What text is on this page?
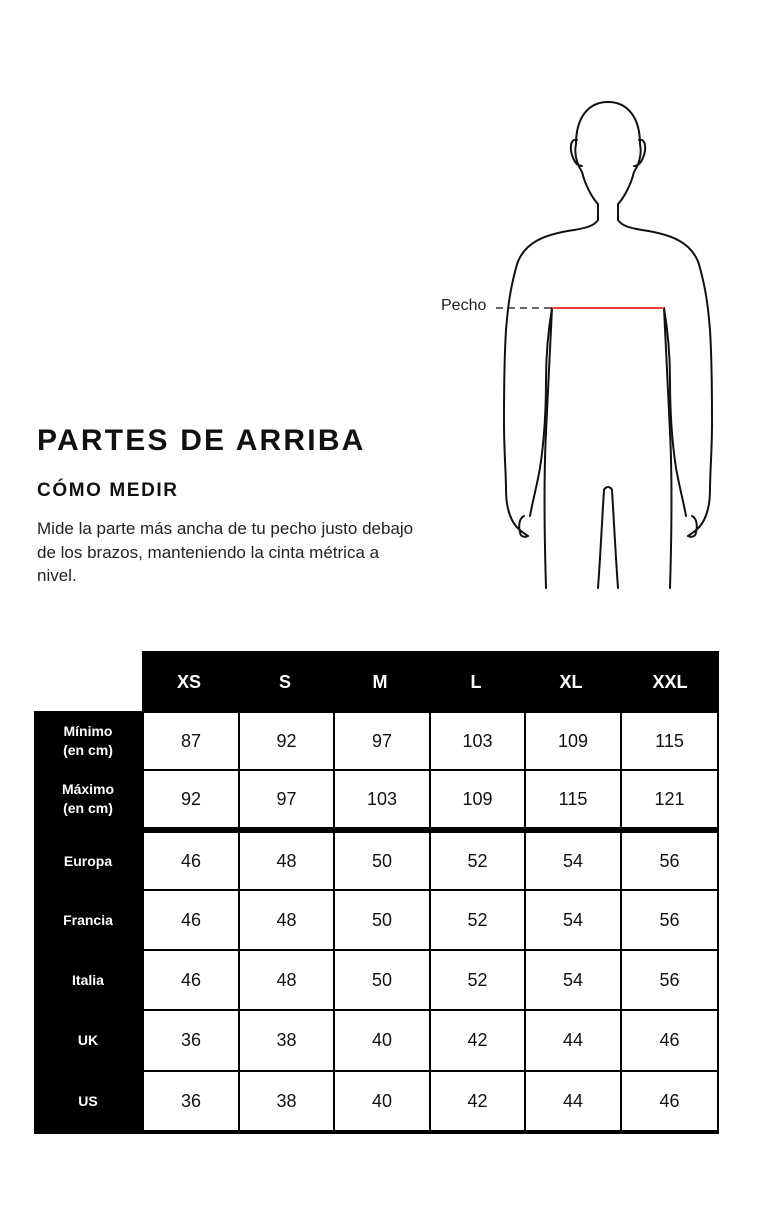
PARTES DE ARRIBA
CÓMO MEDIR

Mide la parte más ancha de tu pecho justo debajo de los brazos, manteniendo la cinta métrica a nivel.

Pecho
XS	S	M	L	XL	XXL
Mínimo
(en cm)	87	92	97	103	109	115
Máximo
(en cm)	92	97	103	109	115	121
Europa	46	48	50	52	54	56
Francia	46	48	50	52	54	56
Italia	46	48	50	52	54	56
UK	36	38	40	42	44	46
US	36	38	40	42	44	46
